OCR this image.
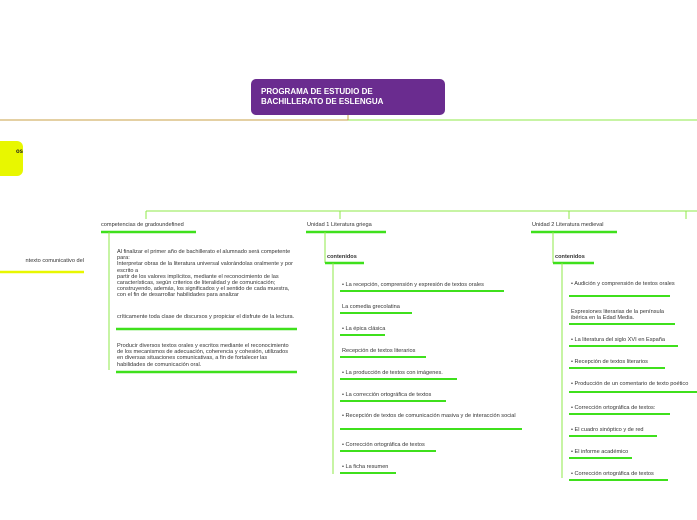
PROGRAMA DE ESTUDIO DE BACHILLERATO DE ESLENGUA
os
ntexto comunicativo del
competencias de gradoundefined
Al finalizar el primer año de bachillerato el alumnado será competente para:
Interpretar obras de la literatura universal valorándolas oralmente y por escrito a
partir de los valores implícitos, mediante el reconocimiento de las características, según criterios de literalidad y de comunicación; construyendo, además, los significados y el sentido de cada muestra, con el fin de desarrollar habilidades para analizar
críticamente toda clase de discursos y propiciar el disfrute de la lectura.
Producir diversos textos orales y escritos mediante el reconocimiento de los mecanismos de adecuación, coherencia y cohesión, utilizados en diversas situaciones comunicativas, a fin de fortalecer las habilidades de comunicación oral.
Unidad 1 Literatura griega
contenidos
• La recepción, comprensión y expresión de textos orales
La comedia grecolatina
• La épica clásica
Recepción de textos literarios
• La producción de textos con imágenes.
• La corrección ortográfica de textos
• Recepción de textos de comunicación masiva y de interacción social
• Corrección ortográfica de textos
• La ficha resumen
Unidad 2 Literatura medieval
contenidos
• Audición y comprensión de textos orales
Expresiones literarias de la península ibérica en la Edad Media.
• La literatura del siglo XVI en España
• Recepción de textos literarios
• Producción de un comentario de texto poético
• Corrección ortográfica de textos:
• El cuadro sinóptico y de red
• El informe académico
• Corrección ortográfica de textos
